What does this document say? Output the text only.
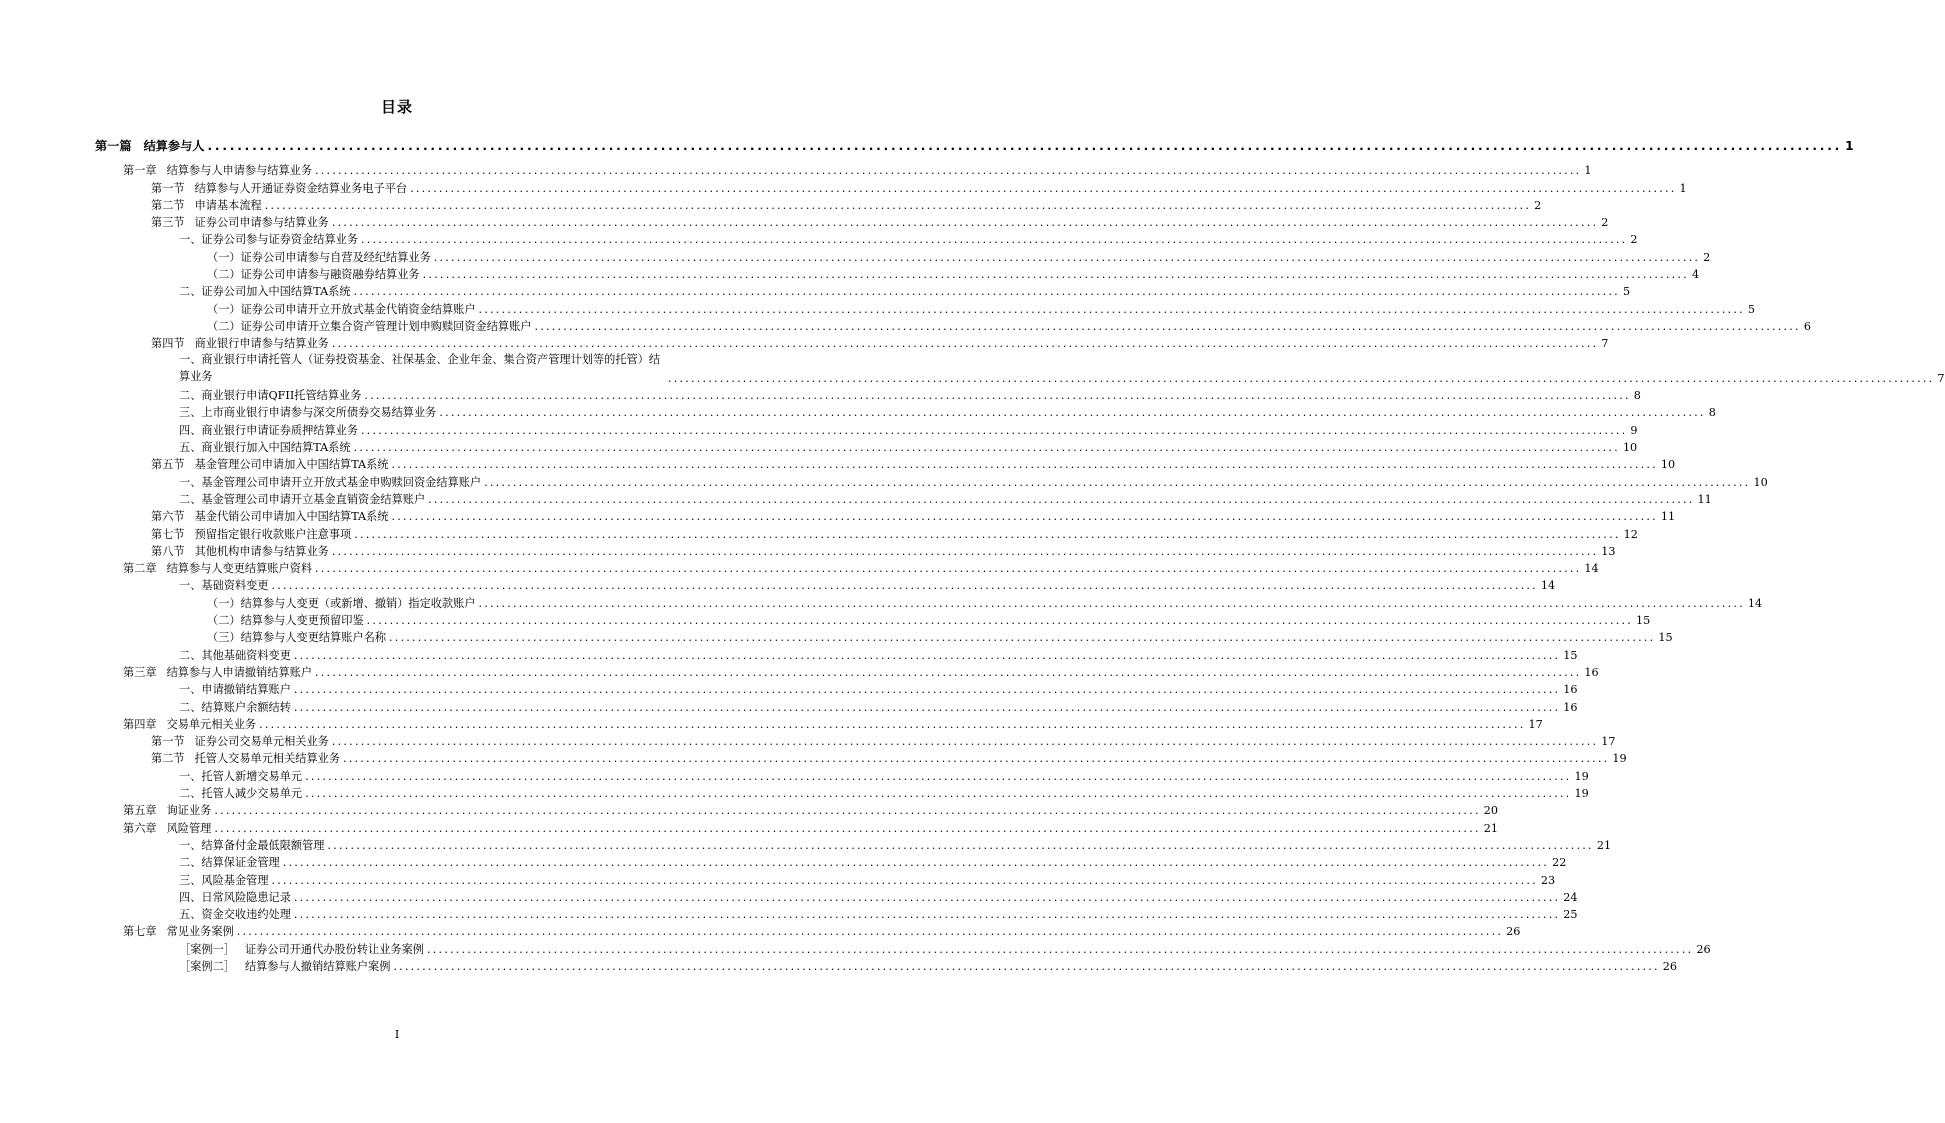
目录
第一篇 结算参与人 ............................................................................................................................................................................................................................ 1
第一章 结算参与人申请参与结算业务 ............................................................................................................................................................................................................................ 1
第一节 结算参与人开通证券资金结算业务电子平台 ............................................................................................................................................................................................................................ 1
第二节 申请基本流程 ............................................................................................................................................................................................................................ 2
第三节 证券公司申请参与结算业务 ............................................................................................................................................................................................................................ 2
一、证券公司参与证券资金结算业务 ............................................................................................................................................................................................................................ 2
（一）证券公司申请参与自营及经纪结算业务 ............................................................................................................................................................................................................................ 2
（二）证券公司申请参与融资融券结算业务 ............................................................................................................................................................................................................................ 4
二、证券公司加入中国结算TA系统 ............................................................................................................................................................................................................................ 5
（一）证券公司申请开立开放式基金代销资金结算账户 ............................................................................................................................................................................................................................ 5
（二）证券公司申请开立集合资产管理计划申购赎回资金结算账户 ............................................................................................................................................................................................................................ 6
第四节 商业银行申请参与结算业务 ............................................................................................................................................................................................................................ 7
一、商业银行申请托管人（证券投资基金、社保基金、企业年金、集合资产管理计划等的托管）结算业务	............................................................................................................................................................................................................................ 7
二、商业银行申请QFII托管结算业务 ............................................................................................................................................................................................................................ 8
三、上市商业银行申请参与深交所债券交易结算业务 ............................................................................................................................................................................................................................ 8
四、商业银行申请证券质押结算业务 ............................................................................................................................................................................................................................ 9
五、商业银行加入中国结算TA系统 ............................................................................................................................................................................................................................ 10
第五节 基金管理公司申请加入中国结算TA系统 ............................................................................................................................................................................................................................ 10
一、基金管理公司申请开立开放式基金申购赎回资金结算账户 ............................................................................................................................................................................................................................ 10
二、基金管理公司申请开立基金直销资金结算账户 ............................................................................................................................................................................................................................ 11
第六节 基金代销公司申请加入中国结算TA系统 ............................................................................................................................................................................................................................ 11
第七节 预留指定银行收款账户注意事项 ............................................................................................................................................................................................................................ 12
第八节 其他机构申请参与结算业务 ............................................................................................................................................................................................................................ 13
第二章 结算参与人变更结算账户资料 ............................................................................................................................................................................................................................ 14
一、基础资料变更 ............................................................................................................................................................................................................................ 14
（一）结算参与人变更（或新增、撤销）指定收款账户 ............................................................................................................................................................................................................................ 14
（二）结算参与人变更预留印鉴 ............................................................................................................................................................................................................................ 15
（三）结算参与人变更结算账户名称 ............................................................................................................................................................................................................................ 15
二、其他基础资料变更 ............................................................................................................................................................................................................................ 15
第三章 结算参与人申请撤销结算账户 ............................................................................................................................................................................................................................ 16
一、申请撤销结算账户 ............................................................................................................................................................................................................................ 16
二、结算账户余额结转 ............................................................................................................................................................................................................................ 16
第四章 交易单元相关业务 ............................................................................................................................................................................................................................ 17
第一节 证券公司交易单元相关业务 ............................................................................................................................................................................................................................ 17
第二节 托管人交易单元相关结算业务 ............................................................................................................................................................................................................................ 19
一、托管人新增交易单元 ............................................................................................................................................................................................................................ 19
二、托管人减少交易单元 ............................................................................................................................................................................................................................ 19
第五章 询证业务 ............................................................................................................................................................................................................................ 20
第六章 风险管理 ............................................................................................................................................................................................................................ 21
一、结算备付金最低限额管理 ............................................................................................................................................................................................................................ 21
二、结算保证金管理 ............................................................................................................................................................................................................................ 22
三、风险基金管理 ............................................................................................................................................................................................................................ 23
四、日常风险隐患记录 ............................................................................................................................................................................................................................ 24
五、资金交收违约处理 ............................................................................................................................................................................................................................ 25
第七章 常见业务案例 ............................................................................................................................................................................................................................ 26
［案例一］ 证券公司开通代办股份转让业务案例 ............................................................................................................................................................................................................................ 26
［案例二］ 结算参与人撤销结算账户案例 ............................................................................................................................................................................................................................ 26
I
